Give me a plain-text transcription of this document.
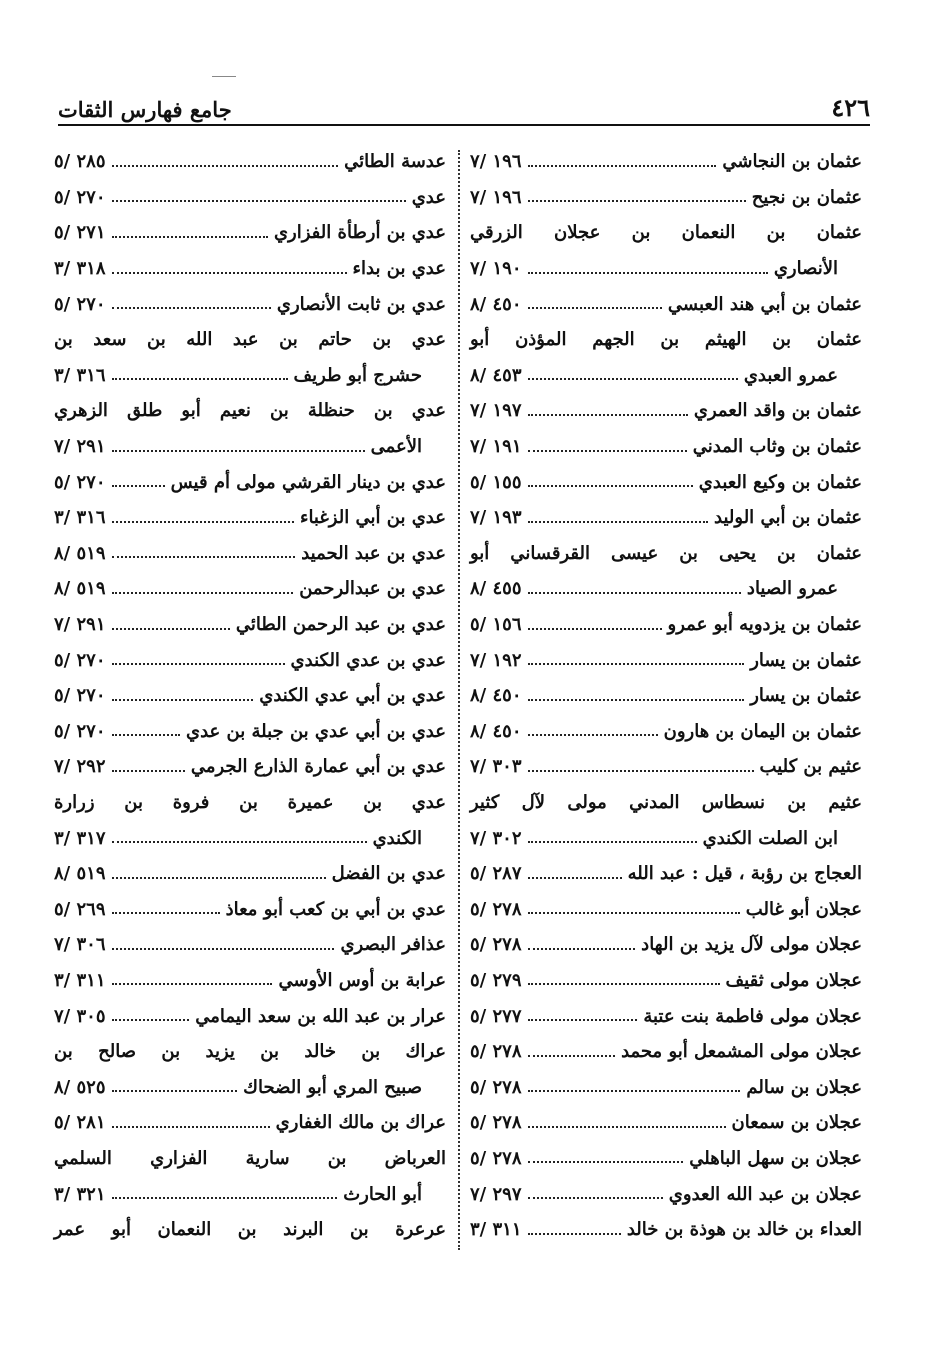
٤٢٦
جامع فهارس الثقات
عثمان بن النجاشي
١٩٦ /٧
عثمان بن نجيح
١٩٦ /٧
عثمان بن النعمان بن عجلان الزرقي
الأنصاري
١٩٠ /٧
عثمان بن أبي هند العبسي
٤٥٠ /٨
عثمان بن الهيثم بن الجهم المؤذن أبو
عمرو العبدي
٤٥٣ /٨
عثمان بن واقد العمري
١٩٧ /٧
عثمان بن وثاب المدني
١٩١ /٧
عثمان بن وكيع العبدي
١٥٥ /٥
عثمان بن أبي الوليد
١٩٣ /٧
عثمان بن يحيى بن عيسى القرقساني أبو
عمرو الصياد
٤٥٥ /٨
عثمان بن يزدويه أبو عمرو
١٥٦ /٥
عثمان بن يسار
١٩٢ /٧
عثمان بن يسار
٤٥٠ /٨
عثمان بن اليمان بن هارون
٤٥٠ /٨
عثيم بن كليب
٣٠٣ /٧
عثيم بن نسطاس المدني مولى لآل كثير
ابن الصلت الكندي
٣٠٢ /٧
العجاج بن رؤبة ، قيل : عبد الله
٢٨٧ /٥
عجلان أبو غالب
٢٧٨ /٥
عجلان مولى لآل يزيد بن الهاد
٢٧٨ /٥
عجلان مولى ثقيف
٢٧٩ /٥
عجلان مولى فاطمة بنت عتبة
٢٧٧ /٥
عجلان مولى المشمعل أبو محمد
٢٧٨ /٥
عجلان بن سالم
٢٧٨ /٥
عجلان بن سمعان
٢٧٨ /٥
عجلان بن سهل الباهلي
٢٧٨ /٥
عجلان بن عبد الله العدوي
٢٩٧ /٧
العداء بن خالد بن هوذة بن خالد
٣١١ /٣
عدسة الطائي
٢٨٥ /٥
عدي
٢٧٠ /٥
عدي بن أرطأة الفزاري
٢٧١ /٥
عدي بن بداء
٣١٨ /٣
عدي بن ثابت الأنصاري
٢٧٠ /٥
عدي بن حاتم بن عبد الله بن سعد بن
حشرج أبو طريف
٣١٦ /٣
عدي بن حنظلة بن نعيم أبو طلق الزهري
الأعمى
٢٩١ /٧
عدي بن دينار القرشي مولى أم قيس
٢٧٠ /٥
عدي بن أبي الزغباء
٣١٦ /٣
عدي بن عبد الحميد
٥١٩ /٨
عدي بن عبدالرحمن
٥١٩ /٨
عدي بن عبد الرحمن الطائي
٢٩١ /٧
عدي بن عدي الكندي
٢٧٠ /٥
عدي بن أبي عدي الكندي
٢٧٠ /٥
عدي بن أبي عدي بن جبلة بن عدي
٢٧٠ /٥
عدي بن أبي عمارة الذارع الجرمي
٢٩٢ /٧
عدي بن عميرة بن فروة بن زرارة
الكندي
٣١٧ /٣
عدي بن الفضل
٥١٩ /٨
عدي بن أبي بن كعب أبو معاذ
٢٦٩ /٥
عذافر البصري
٣٠٦ /٧
عرابة بن أوس الأوسي
٣١١ /٣
عرار بن عبد الله بن سعد اليمامي
٣٠٥ /٧
عراك بن خالد بن يزيد بن صالح بن
صبيح المري أبو الضحاك
٥٢٥ /٨
عراك بن مالك الغفاري
٢٨١ /٥
العرباض بن سارية الفزاري السلمي
أبو الحارث
٣٢١ /٣
عرعرة بن البرند بن النعمان أبو عمر
